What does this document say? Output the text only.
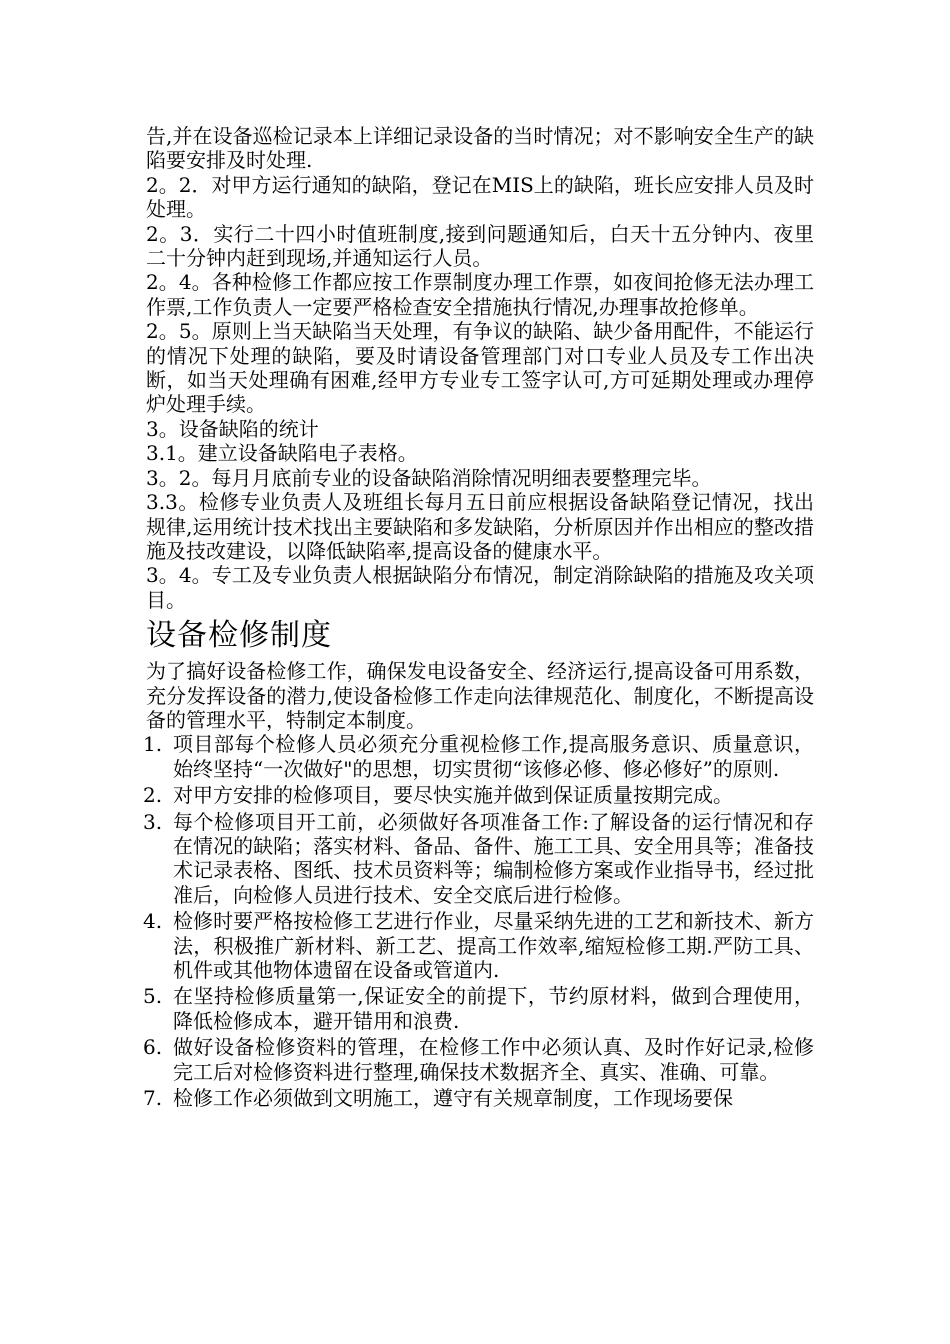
告,并在设备巡检记录本上详细记录设备的当时情况；对不影响安全生产的缺陷要安排及时处理.

2。2．对甲方运行通知的缺陷，登记在MIS上的缺陷，班长应安排人员及时处理。

2。3．实行二十四小时值班制度,接到问题通知后，白天十五分钟内、夜里二十分钟内赶到现场,并通知运行人员。

2。4。各种检修工作都应按工作票制度办理工作票，如夜间抢修无法办理工作票,工作负责人一定要严格检查安全措施执行情况,办理事故抢修单。

2。5。原则上当天缺陷当天处理，有争议的缺陷、缺少备用配件，不能运行的情况下处理的缺陷，要及时请设备管理部门对口专业人员及专工作出决断，如当天处理确有困难,经甲方专业专工签字认可,方可延期处理或办理停炉处理手续。

3。设备缺陷的统计

3.1。建立设备缺陷电子表格。

3。2。每月月底前专业的设备缺陷消除情况明细表要整理完毕。

3.3。检修专业负责人及班组长每月五日前应根据设备缺陷登记情况，找出规律,运用统计技术找出主要缺陷和多发缺陷，分析原因并作出相应的整改措施及技改建设，以降低缺陷率,提高设备的健康水平。

3。4。专工及专业负责人根据缺陷分布情况，制定消除缺陷的措施及攻关项目。

设备检修制度

为了搞好设备检修工作，确保发电设备安全、经济运行,提高设备可用系数，充分发挥设备的潜力,使设备检修工作走向法律规范化、制度化，不断提高设备的管理水平，特制定本制度。

1. 项目部每个检修人员必须充分重视检修工作,提高服务意识、质量意识，始终坚持“一次做好"的思想，切实贯彻“该修必修、修必修好”的原则.
2. 对甲方安排的检修项目，要尽快实施并做到保证质量按期完成。
3. 每个检修项目开工前，必须做好各项准备工作:了解设备的运行情况和存在情况的缺陷；落实材料、备品、备件、施工工具、安全用具等；准备技术记录表格、图纸、技术员资料等；编制检修方案或作业指导书，经过批准后，向检修人员进行技术、安全交底后进行检修。
4. 检修时要严格按检修工艺进行作业，尽量采纳先进的工艺和新技术、新方法，积极推广新材料、新工艺、提高工作效率,缩短检修工期.严防工具、机件或其他物体遗留在设备或管道内.
5. 在坚持检修质量第一,保证安全的前提下，节约原材料，做到合理使用，降低检修成本，避开错用和浪费.
6. 做好设备检修资料的管理，在检修工作中必须认真、及时作好记录,检修完工后对检修资料进行整理,确保技术数据齐全、真实、准确、可靠。
7. 检修工作必须做到文明施工，遵守有关规章制度，工作现场要保
